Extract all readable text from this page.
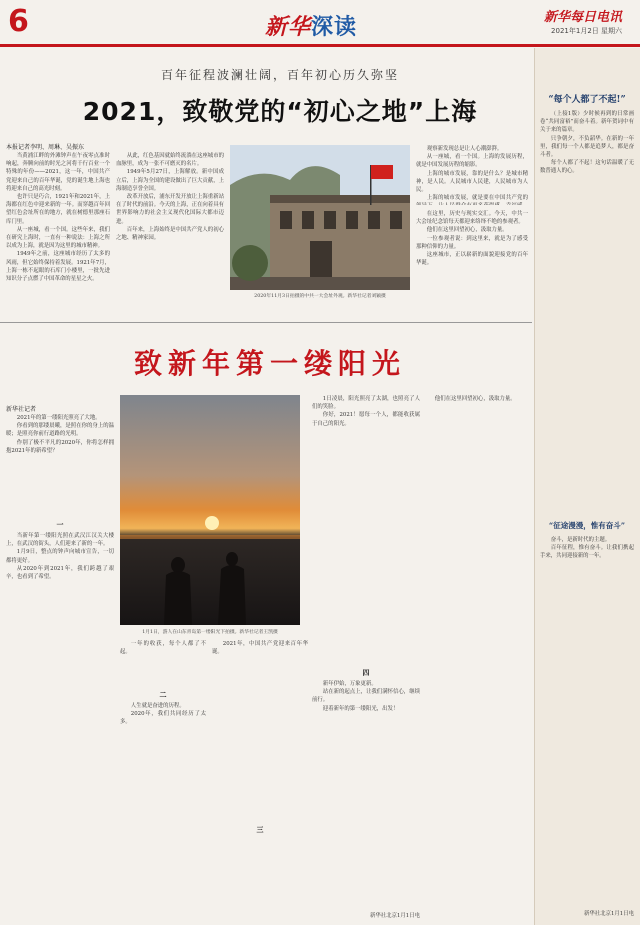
6	新华深读	新华每日电讯
2021年1月2日 星期六
百年征程波澜壮阔，百年初心历久弥坚
2021，致敬党的“初心之地”上海
本报记者李明、周琳、吴振东

当黄浦江畔的外滩钟声在午夜零点准时响起，奔腾向前的时光之河将千行百业一个特殊的年份——2021，这一年，中国共产党迎来自己的百年华诞，党的诞生地上海也将迎来自己的高光时刻。

也许只是巧合，1921年和2021年，上海都在红色中迎来新的一年。而穿越百年回望红色会址所在的地方，就在树德里那座石库门里。

从一座城，看一个国。这些年来，我们在研究上海时，一直有一种说法：上海之所以成为上海，就是因为这里的城市精神。

1949年之前，这座城市经历了太多的风雨，但它始终保持着发展。1921年7月，上海一栋不起眼的石库门小楼里，一批先进知识分子点燃了中国革命的星星之火。

从此，红色基因就始终流淌在这座城市的血脉里，成为一张不可磨灭的名片。

1949年5月27日，上海解放。新中国成立后，上海为全国的建设做出了巨大贡献，上海制造享誉全国。

改革开放后，浦东开发开放让上海重新站在了时代的前沿。今天的上海，正在向着具有世界影响力的社会主义现代化国际大都市迈进。

百年来，上海始终是中国共产党人的初心之地、精神家园。

2020年11月3日拍摄的中共一大会址外观。新华社记者刘颖摄

观察新发现总是让人心潮澎湃。

从一座城，看一个国。上海的发展历程，就是中国发展历程的缩影。

上海的城市发展，靠的是什么？是城市精神，是人民。人民城市人民建，人民城市为人民。

上海的城市发展，就是要在中国共产党的

在这里，历史与现实交汇。今天，中共一大会址纪念馆每天都迎来络绎不绝的参观者。

他们在这里回望初心，汲取力量。

一位参观者说：到这里来，就是为了感受那种信仰的力量。

这座城市，正以崭新的面貌迎接党的百年华诞。

“每个人都了不起!”

（上接1版）少时候再到的日常画卷“共同富裕”而奋斗着。新年贺词中有关于来的篇章。

只争朝夕，不负韶华。在新的一年里，我们每一个人都是追梦人，都是奋斗者。

每个人都了不起！这句话温暖了无数普通人的心。

“征途漫漫，惟有奋斗”

奋斗，是新时代的主题。

百年征程，惟有奋斗。让我们携起手来，共同迎接新的一年。

新华社北京1月1日电
致新年第一缕阳光
新华社记者

2021年的第一缕阳光照亮了大地。

你看到的那缕晨曦，是照在你的身上的温暖；是照亮你前行道路的光明。

作别了极不平凡的2020年，你将怎样拥抱2021年的新希望？

一

当新年第一缕阳光照在武汉江汉关大楼上，在武汉的街头，人们迎来了新的一年。

1月9日，整点的钟声向城市宣告，一切都将更好。

从2020年到2021年，我们跨越了艰辛，也看到了希望。

1月1日，游人在山东青岛第一缕阳光下拍摄。新华社记者王凯摄

一年的收获，每个人都了不起。

二

人生就是奋进的历程。

2020年，我们共同经历了太多。

2021年，中国共产党迎来百年华诞。

三

1日凌晨，阳光照亮了太湖，也照亮了人们的笑脸。

你好，2021！愿每一个人，都能收获属于自己的阳光。

四

新年伊始，万象更新。

站在新的起点上，让我们满怀信心，继续前行。

迎着新年的第一缕阳光，出发！

新华社北京1月1日电

他们在这里回望初心，汲取力量。
